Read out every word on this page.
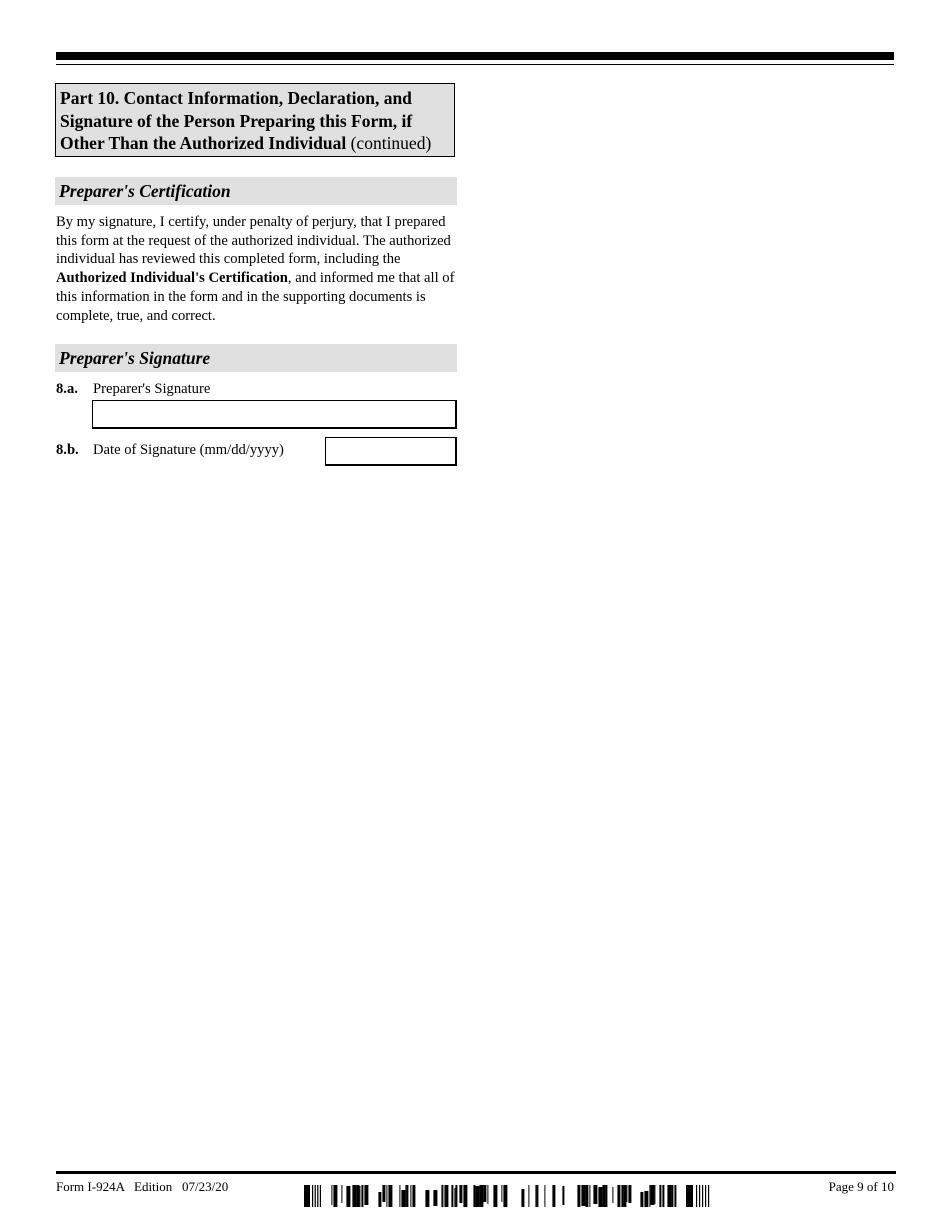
Part 10. Contact Information, Declaration, and Signature of the Person Preparing this Form, if Other Than the Authorized Individual (continued)
Preparer's Certification
By my signature, I certify, under penalty of perjury, that I prepared this form at the request of the authorized individual. The authorized individual has reviewed this completed form, including the Authorized Individual's Certification, and informed me that all of this information in the form and in the supporting documents is complete, true, and correct.
Preparer's Signature
8.a. Preparer's Signature
8.b. Date of Signature (mm/dd/yyyy)
Form I-924A   Edition   07/23/20	Page 9 of 10
